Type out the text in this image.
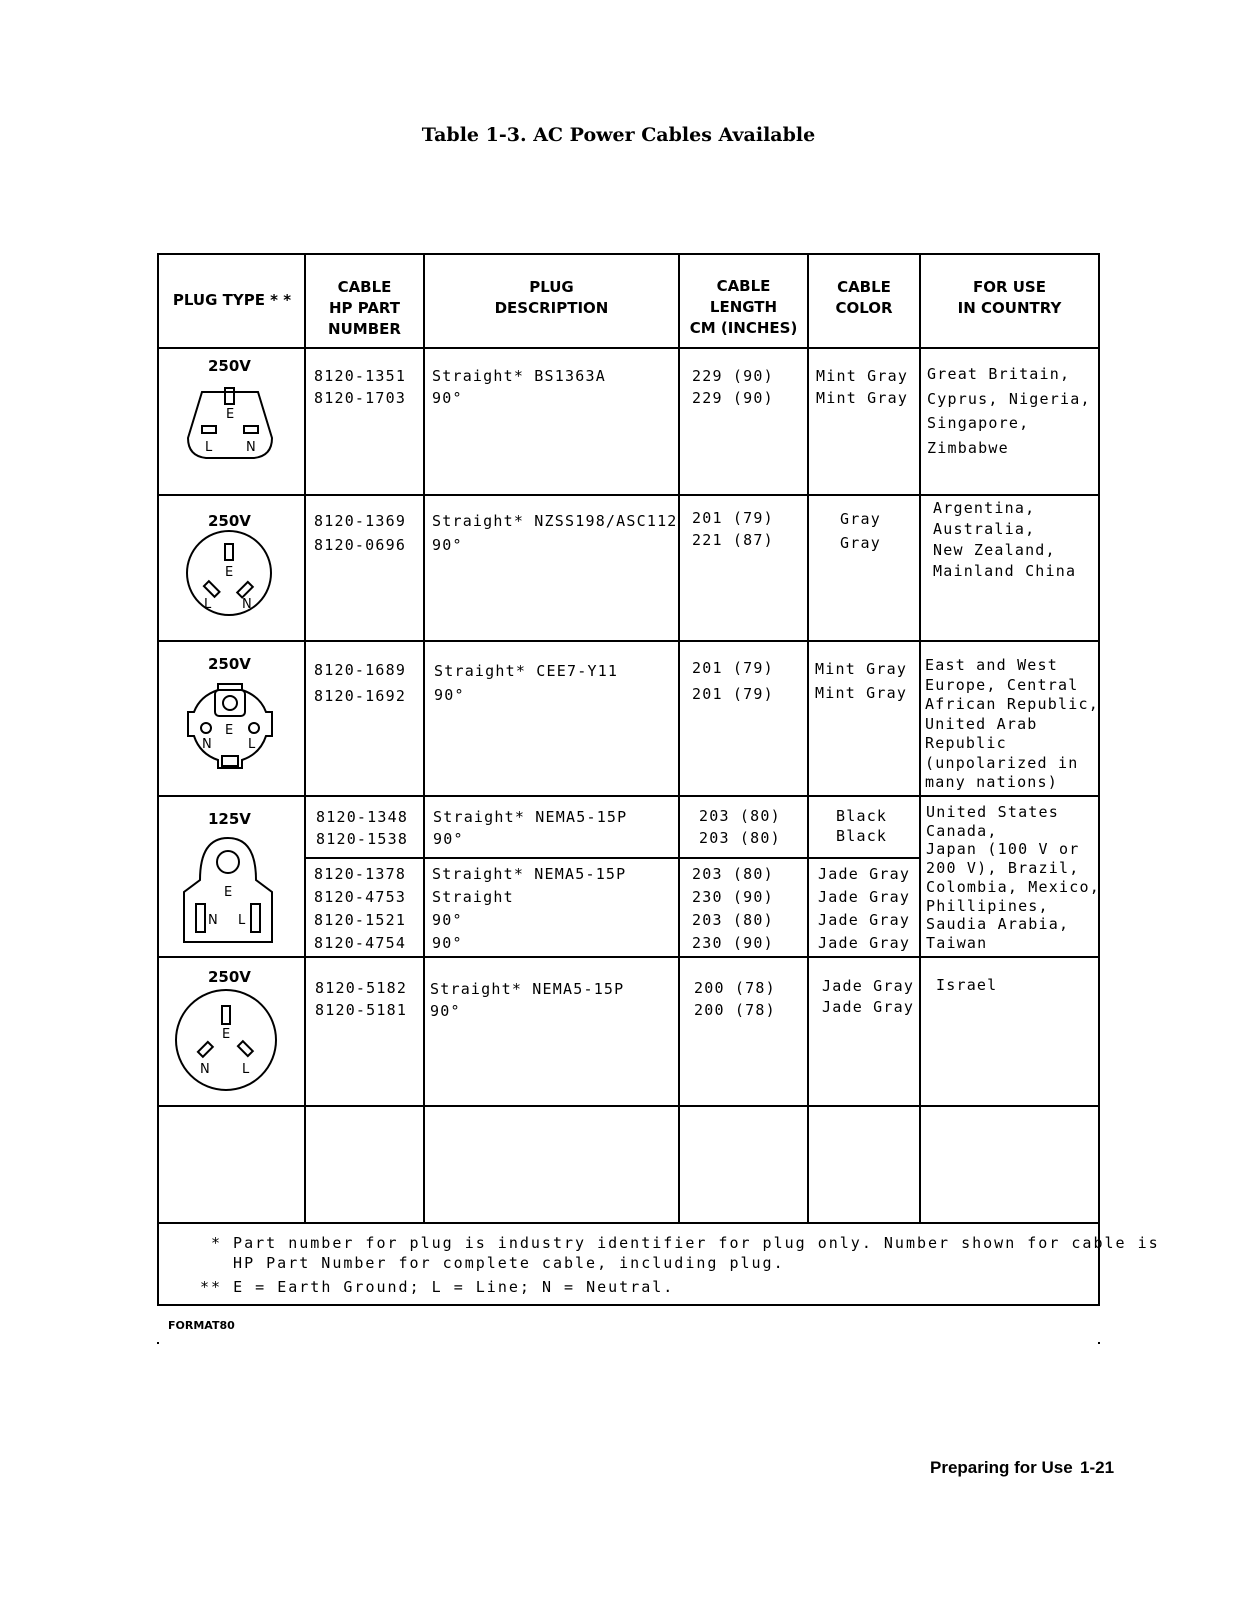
Table 1-3. AC Power Cables Available
PLUG TYPE * *
CABLE
HP PART
NUMBER
PLUG
DESCRIPTION
CABLE
LENGTH
CM (INCHES)
CABLE
COLOR
FOR USE
IN COUNTRY
250V
E
L	N
8120-1351
8120-1703
Straight* BS1363A
90°
229 (90)
229 (90)
Mint Gray
Mint Gray
Great Britain,
Cyprus, Nigeria,
Singapore,
Zimbabwe
250V
E
L N
8120-1369
8120-0696
Straight* NZSS198/ASC112
90°
201 (79)
221 (87)
Gray
Gray
Argentina,
Australia,
New Zealand,
Mainland China
250V
E
N	L
8120-1689
8120-1692
Straight* CEE7-Y11
90°
201 (79)
201 (79)
Mint Gray
Mint Gray
East and West
Europe, Central
African Republic,
United Arab
Republic
(unpolarized in
many nations)
125V
E
N L
8120-1348
8120-1538
Straight* NEMA5-15P
90°
203 (80)
203 (80)
Black
Black
8120-1378
8120-4753
8120-1521
8120-4754
Straight* NEMA5-15P
Straight
90°
90°
203 (80)
230 (90)
203 (80)
230 (90)
Jade Gray
Jade Gray
Jade Gray
Jade Gray
United States
Canada,
Japan (100 V or
200 V), Brazil,
Colombia, Mexico,
Phillipines,
Saudia Arabia,
Taiwan
250V
E
N L
8120-5182
8120-5181
Straight* NEMA5-15P
90°
200 (78)
200 (78)
Jade Gray
Jade Gray
Israel
* Part number for plug is industry identifier for plug only. Number shown for cable is
HP Part Number for complete cable, including plug.
** E = Earth Ground; L = Line; N = Neutral.
FORMAT80
Preparing for Use 1-21
